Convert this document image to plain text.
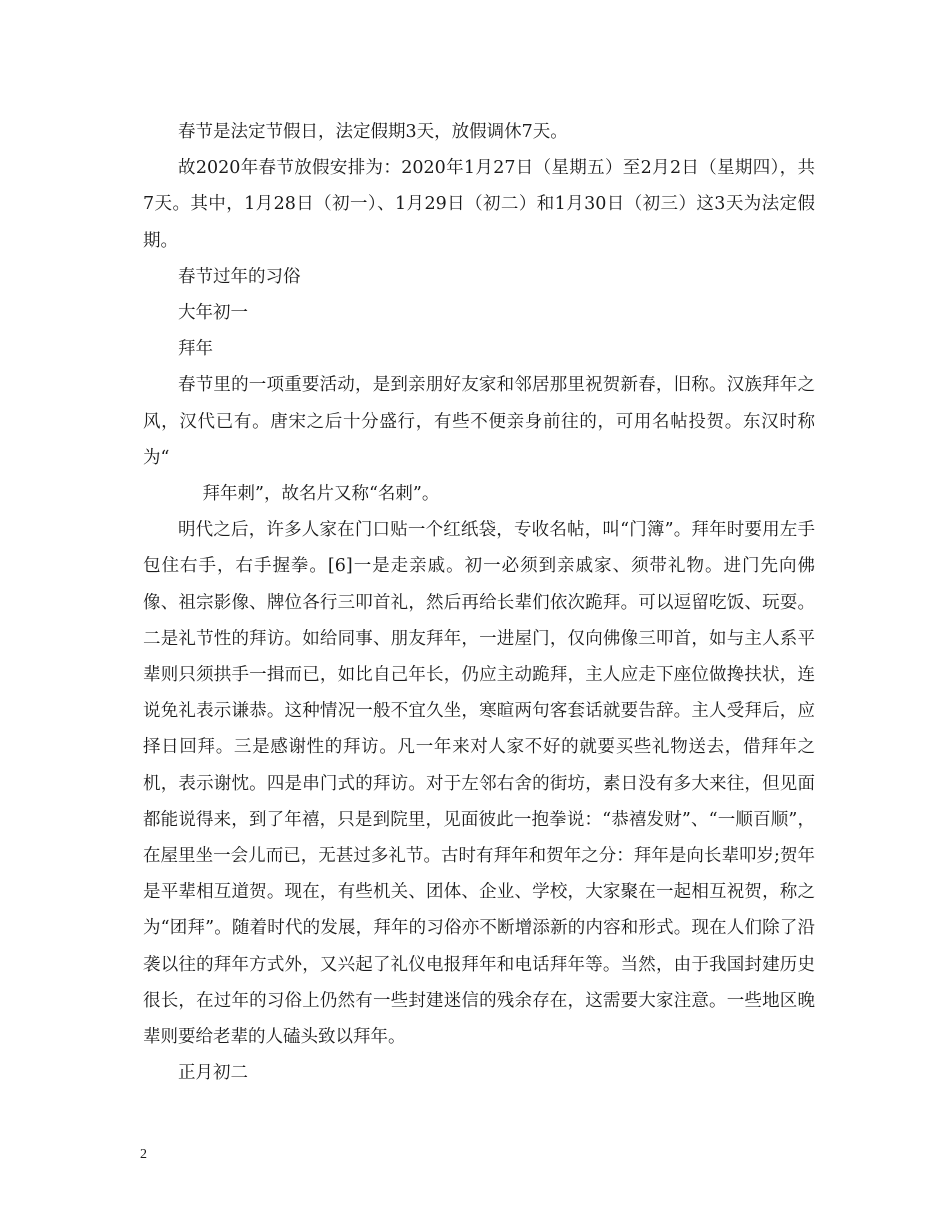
春节是法定节假日，法定假期3天，放假调休7天。

故2020年春节放假安排为：2020年1月27日（星期五）至2月2日（星期四），共7天。其中，1月28日（初一）、1月29日（初二）和1月30日（初三）这3天为法定假期。

春节过年的习俗

大年初一

拜年

春节里的一项重要活动，是到亲朋好友家和邻居那里祝贺新春，旧称。汉族拜年之风，汉代已有。唐宋之后十分盛行，有些不便亲身前往的，可用名帖投贺。东汉时称为“

拜年刺”，故名片又称“名刺”。

明代之后，许多人家在门口贴一个红纸袋，专收名帖，叫“门簿”。拜年时要用左手包住右手，右手握拳。[6]一是走亲戚。初一必须到亲戚家、须带礼物。进门先向佛像、祖宗影像、牌位各行三叩首礼，然后再给长辈们依次跪拜。可以逗留吃饭、玩耍。二是礼节性的拜访。如给同事、朋友拜年，一进屋门，仅向佛像三叩首，如与主人系平辈则只须拱手一揖而已，如比自己年长，仍应主动跪拜，主人应走下座位做搀扶状，连说免礼表示谦恭。这种情况一般不宜久坐，寒暄两句客套话就要告辞。主人受拜后，应择日回拜。三是感谢性的拜访。凡一年来对人家不好的就要买些礼物送去，借拜年之机，表示谢忱。四是串门式的拜访。对于左邻右舍的街坊，素日没有多大来往，但见面都能说得来，到了年禧，只是到院里，见面彼此一抱拳说：“恭禧发财”、“一顺百顺”，在屋里坐一会儿而已，无甚过多礼节。古时有拜年和贺年之分：拜年是向长辈叩岁;贺年是平辈相互道贺。现在，有些机关、团体、企业、学校，大家聚在一起相互祝贺，称之为“团拜”。随着时代的发展，拜年的习俗亦不断增添新的内容和形式。现在人们除了沿袭以往的拜年方式外，又兴起了礼仪电报拜年和电话拜年等。当然，由于我国封建历史很长，在过年的习俗上仍然有一些封建迷信的残余存在，这需要大家注意。一些地区晚辈则要给老辈的人磕头致以拜年。

正月初二

2
